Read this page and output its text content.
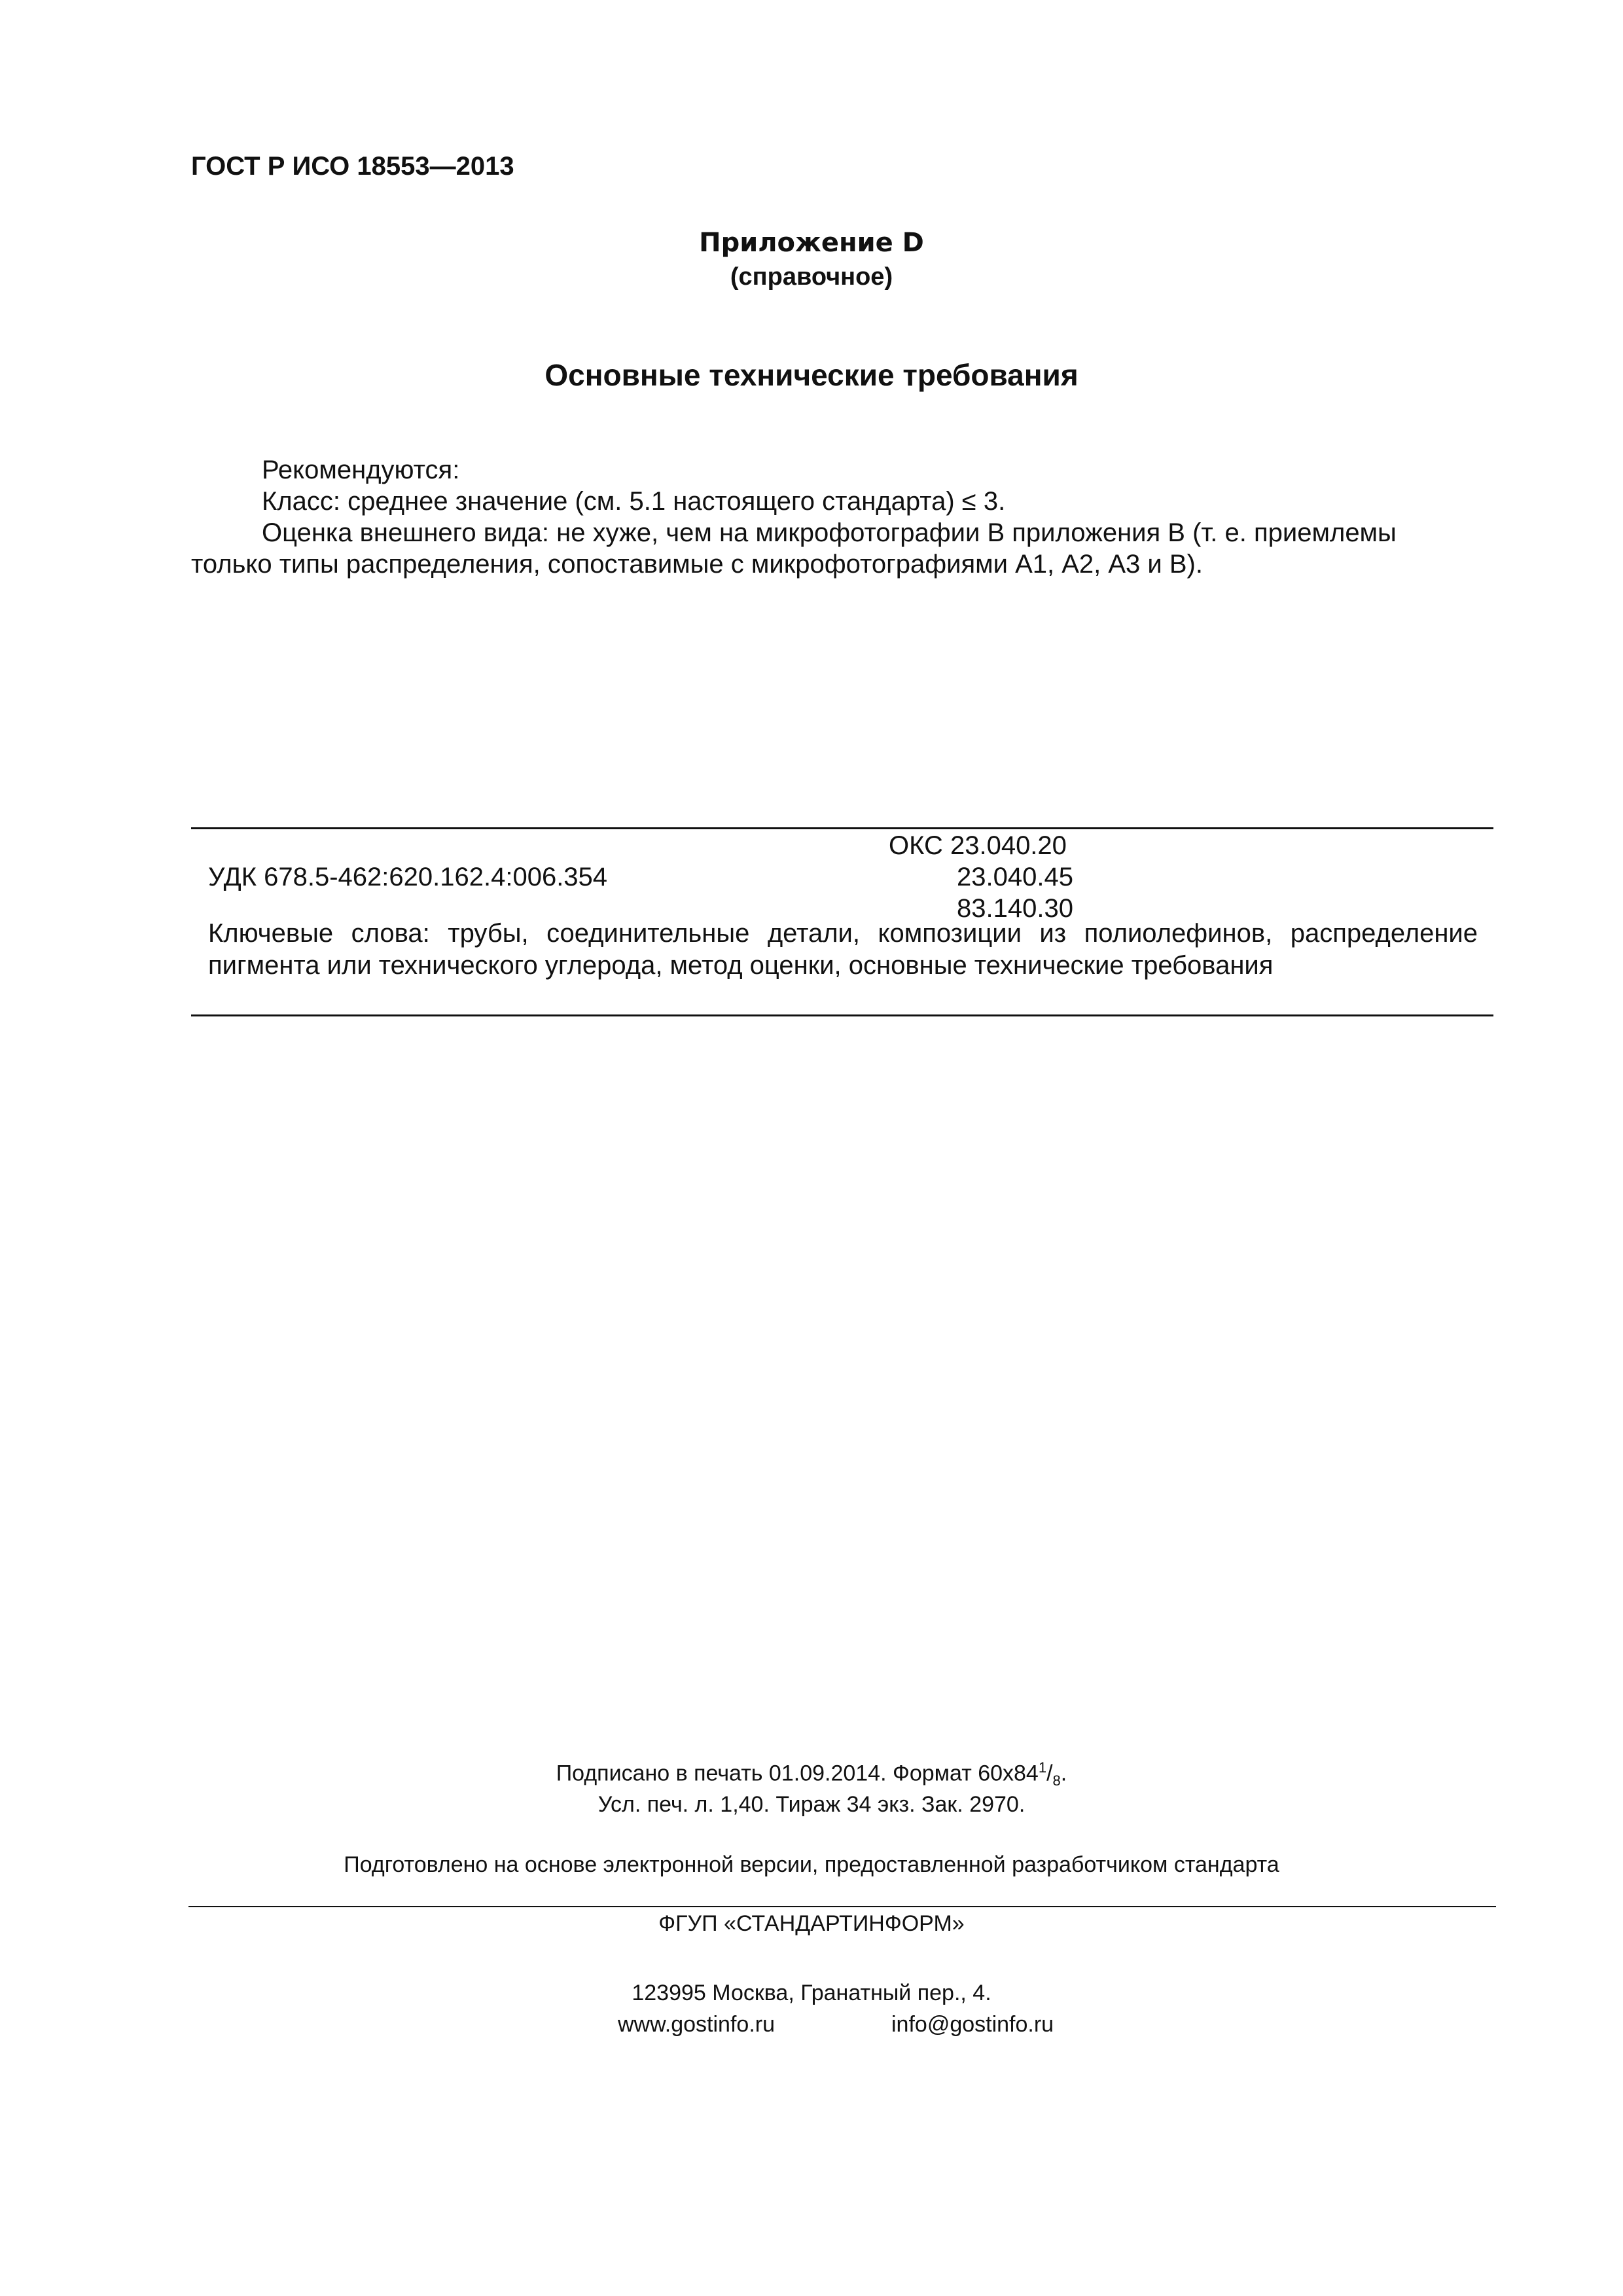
ГОСТ Р ИСО 18553—2013
Приложение D
(справочное)
Основные технические требования

Рекомендуются:

Класс: среднее значение (см. 5.1 настоящего стандарта) ≤ 3.

Оценка внешнего вида: не хуже, чем на микрофотографии В приложения В (т. е. приемлемы только типы распределения, сопоставимые с микрофотографиями А1, А2, А3 и В).

ОКС 23.040.20
УДК 678.5-462:620.162.4:006.354	23.040.45
83.140.30
Ключевые слова: трубы, соединительные детали, композиции из полиолефинов, распределение пигмента или технического углерода, метод оценки, основные технические требования
Подписано в печать 01.09.2014. Формат $60х84^1/_8$.
Усл. печ. л. 1,40. Тираж 34 экз. Зак. 2970.
Подготовлено на основе электронной версии, предоставленной разработчиком стандарта
ФГУП «СТАНДАРТИНФОРМ»
123995 Москва, Гранатный пер., 4.
www.gostinfo.ru	info@gostinfo.ru
